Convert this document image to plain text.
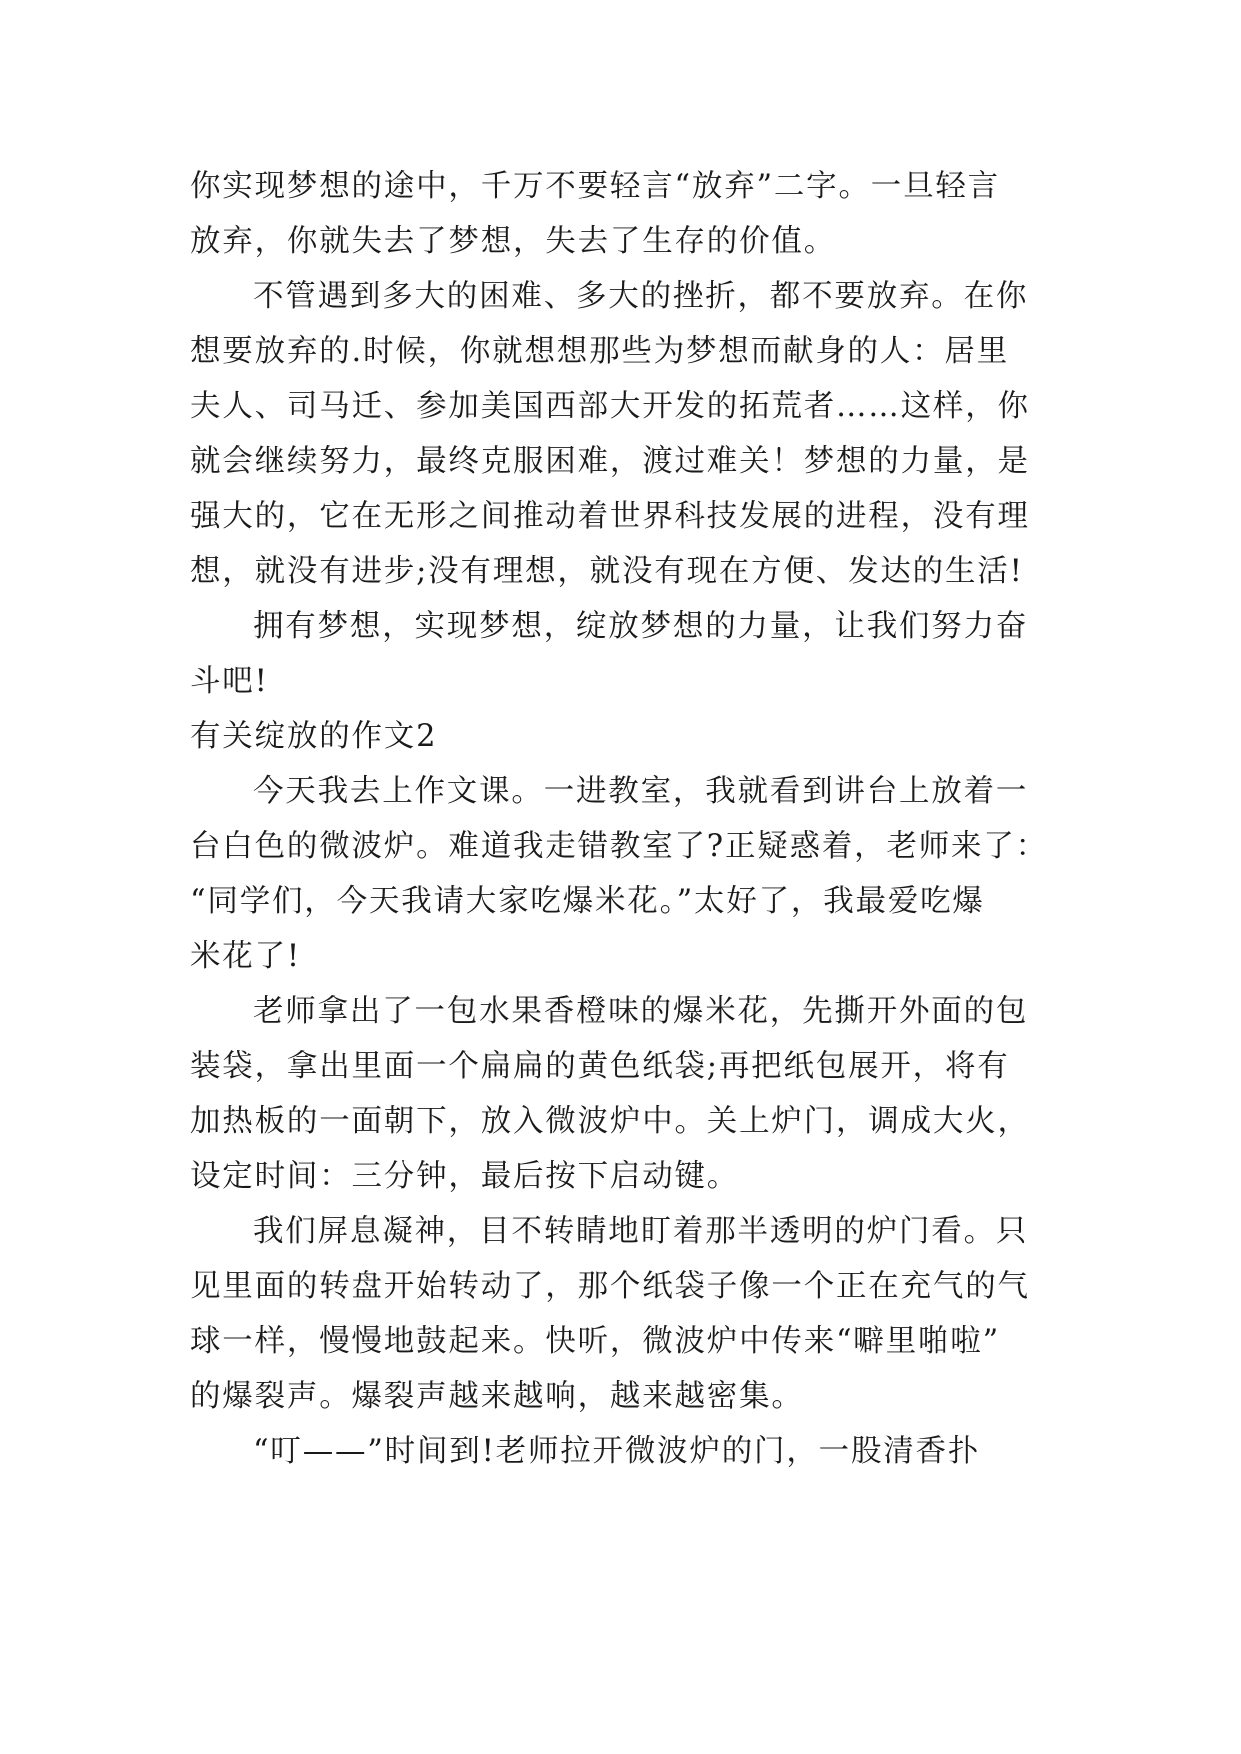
你实现梦想的途中，千万不要轻言“放弃”二字。一旦轻言
放弃，你就失去了梦想，失去了生存的价值。
不管遇到多大的困难、多大的挫折，都不要放弃。在你
想要放弃的.时候，你就想想那些为梦想而献身的人：居里
夫人、司马迁、参加美国西部大开发的拓荒者……这样，你
就会继续努力，最终克服困难，渡过难关！梦想的力量，是
强大的，它在无形之间推动着世界科技发展的进程，没有理
想，就没有进步;没有理想，就没有现在方便、发达的生活!
拥有梦想，实现梦想，绽放梦想的力量，让我们努力奋
斗吧!
有关绽放的作文2
今天我去上作文课。一进教室，我就看到讲台上放着一
台白色的微波炉。难道我走错教室了?正疑惑着，老师来了：
“同学们，今天我请大家吃爆米花。”太好了，我最爱吃爆
米花了!
老师拿出了一包水果香橙味的爆米花，先撕开外面的包
装袋，拿出里面一个扁扁的黄色纸袋;再把纸包展开，将有
加热板的一面朝下，放入微波炉中。关上炉门，调成大火，
设定时间：三分钟，最后按下启动键。
我们屏息凝神，目不转睛地盯着那半透明的炉门看。只
见里面的转盘开始转动了，那个纸袋子像一个正在充气的气
球一样，慢慢地鼓起来。快听，微波炉中传来“噼里啪啦”
的爆裂声。爆裂声越来越响，越来越密集。
“叮——”时间到!老师拉开微波炉的门，一股清香扑
